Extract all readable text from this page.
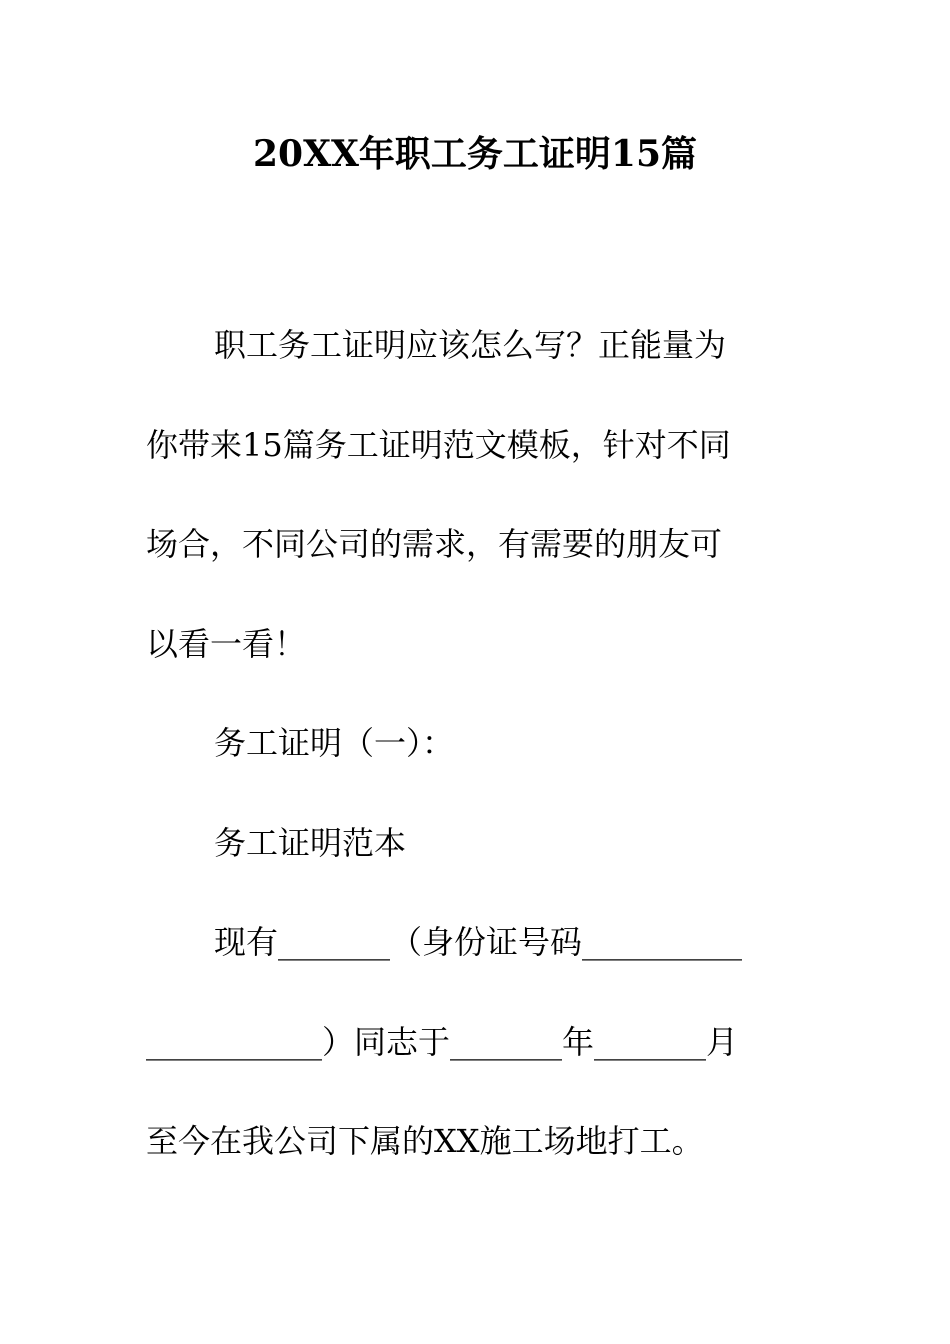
20XX年职工务工证明15篇
职工务工证明应该怎么写？正能量为
你带来15篇务工证明范文模板，针对不同
场合，不同公司的需求，有需要的朋友可
以看一看！
务工证明（一）：
务工证明范本
现有_______（身份证号码__________
___________）同志于_______年_______月
至今在我公司下属的XX施工场地打工。
